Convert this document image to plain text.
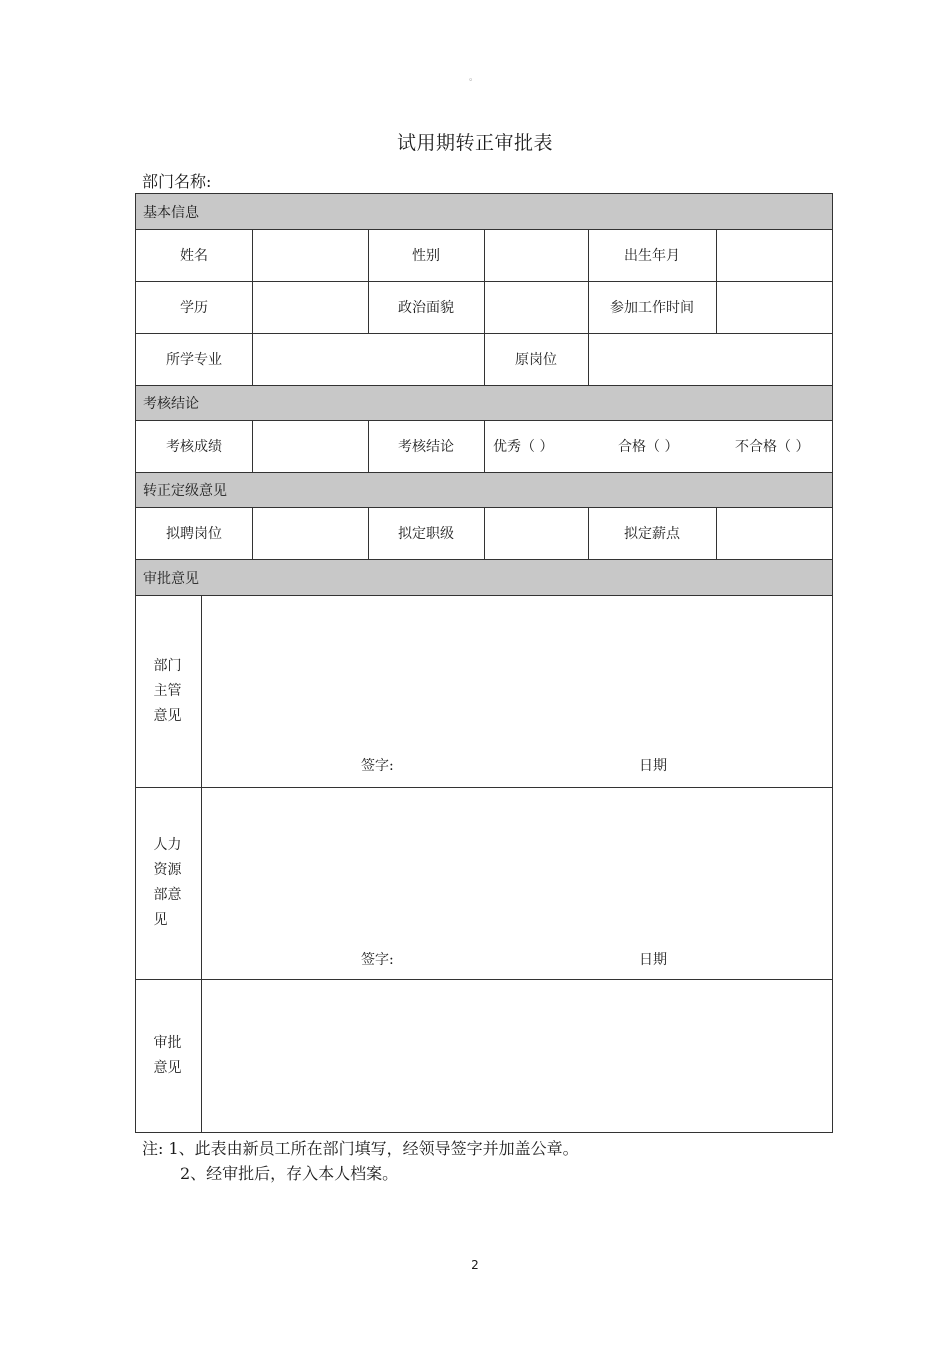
。
试用期转正审批表
部门名称:
基本信息
姓名	性别	出生年月
学历	政治面貌	参加工作时间
所学专业	原岗位
考核结论
考核成绩	考核结论	优秀（ ）	合格（ ）	不合格（ ）
转正定级意见
拟聘岗位	拟定职级	拟定薪点
审批意见
部门主管意见
签字:	日期
人力资源部意见
签字:	日期
审批意见
注: 1、此表由新员工所在部门填写，经领导签字并加盖公章。
2、经审批后，存入本人档案。
2
